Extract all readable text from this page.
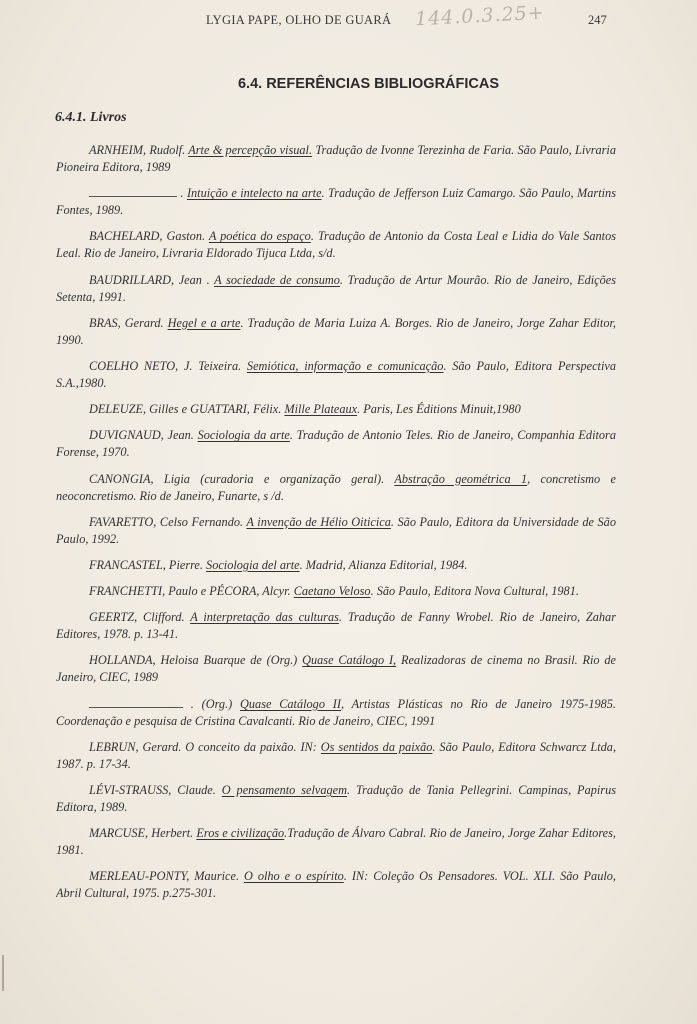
LYGIA PAPE, OLHO DE GUARÁ 144.0.3.25+	247
6.4. REFERÊNCIAS BIBLIOGRÁFICAS
6.4.1. Livros

ARNHEIM, Rudolf. Arte & percepção visual. Tradução de Ivonne Terezinha de Faria. São Paulo, Livraria Pioneira Editora, 1989

. Intuição e intelecto na arte. Tradução de Jefferson Luiz Camargo. São Paulo, Martins Fontes, 1989.

BACHELARD, Gaston. A poética do espaço. Tradução de Antonio da Costa Leal e Lidia do Vale Santos Leal. Rio de Janeiro, Livraria Eldorado Tijuca Ltda, s/d.

BAUDRILLARD, Jean . A sociedade de consumo. Tradução de Artur Mourão. Rio de Janeiro, Edições Setenta, 1991.

BRAS, Gerard. Hegel e a arte. Tradução de Maria Luiza A. Borges. Rio de Janeiro, Jorge Zahar Editor, 1990.

COELHO NETO, J. Teixeira. Semiótica, informação e comunicação. São Paulo, Editora Perspectiva S.A.,1980.

DELEUZE, Gilles e GUATTARI, Félix. Mille Plateaux. Paris, Les Éditions Minuit,1980

DUVIGNAUD, Jean. Sociologia da arte. Tradução de Antonio Teles. Rio de Janeiro, Companhia Editora Forense, 1970.

CANONGIA, Ligia (curadoria e organização geral). Abstração geométrica 1, concretismo e neoconcretismo. Rio de Janeiro, Funarte, s /d.

FAVARETTO, Celso Fernando. A invenção de Hélio Oiticica. São Paulo, Editora da Universidade de São Paulo, 1992.

FRANCASTEL, Pierre. Sociologia del arte. Madrid, Alianza Editorial, 1984.

FRANCHETTI, Paulo e PÉCORA, Alcyr. Caetano Veloso. São Paulo, Editora Nova Cultural, 1981.

GEERTZ, Clifford. A interpretação das culturas. Tradução de Fanny Wrobel. Rio de Janeiro, Zahar Editores, 1978. p. 13-41.

HOLLANDA, Heloisa Buarque de (Org.) Quase Catálogo I, Realizadoras de cinema no Brasil. Rio de Janeiro, CIEC, 1989

. (Org.) Quase Catálogo II, Artistas Plásticas no Rio de Janeiro 1975-1985. Coordenação e pesquisa de Cristina Cavalcanti. Rio de Janeiro, CIEC, 1991

LEBRUN, Gerard. O conceito da paixão. IN: Os sentidos da paixão. São Paulo, Editora Schwarcz Ltda, 1987. p. 17-34.

LÉVI-STRAUSS, Claude. O pensamento selvagem. Tradução de Tania Pellegrini. Campinas, Papirus Editora, 1989.

MARCUSE, Herbert. Eros e civilização.Tradução de Álvaro Cabral. Rio de Janeiro, Jorge Zahar Editores, 1981.

MERLEAU-PONTY, Maurice. O olho e o espírito. IN: Coleção Os Pensadores. VOL. XLI. São Paulo, Abril Cultural, 1975. p.275-301.
